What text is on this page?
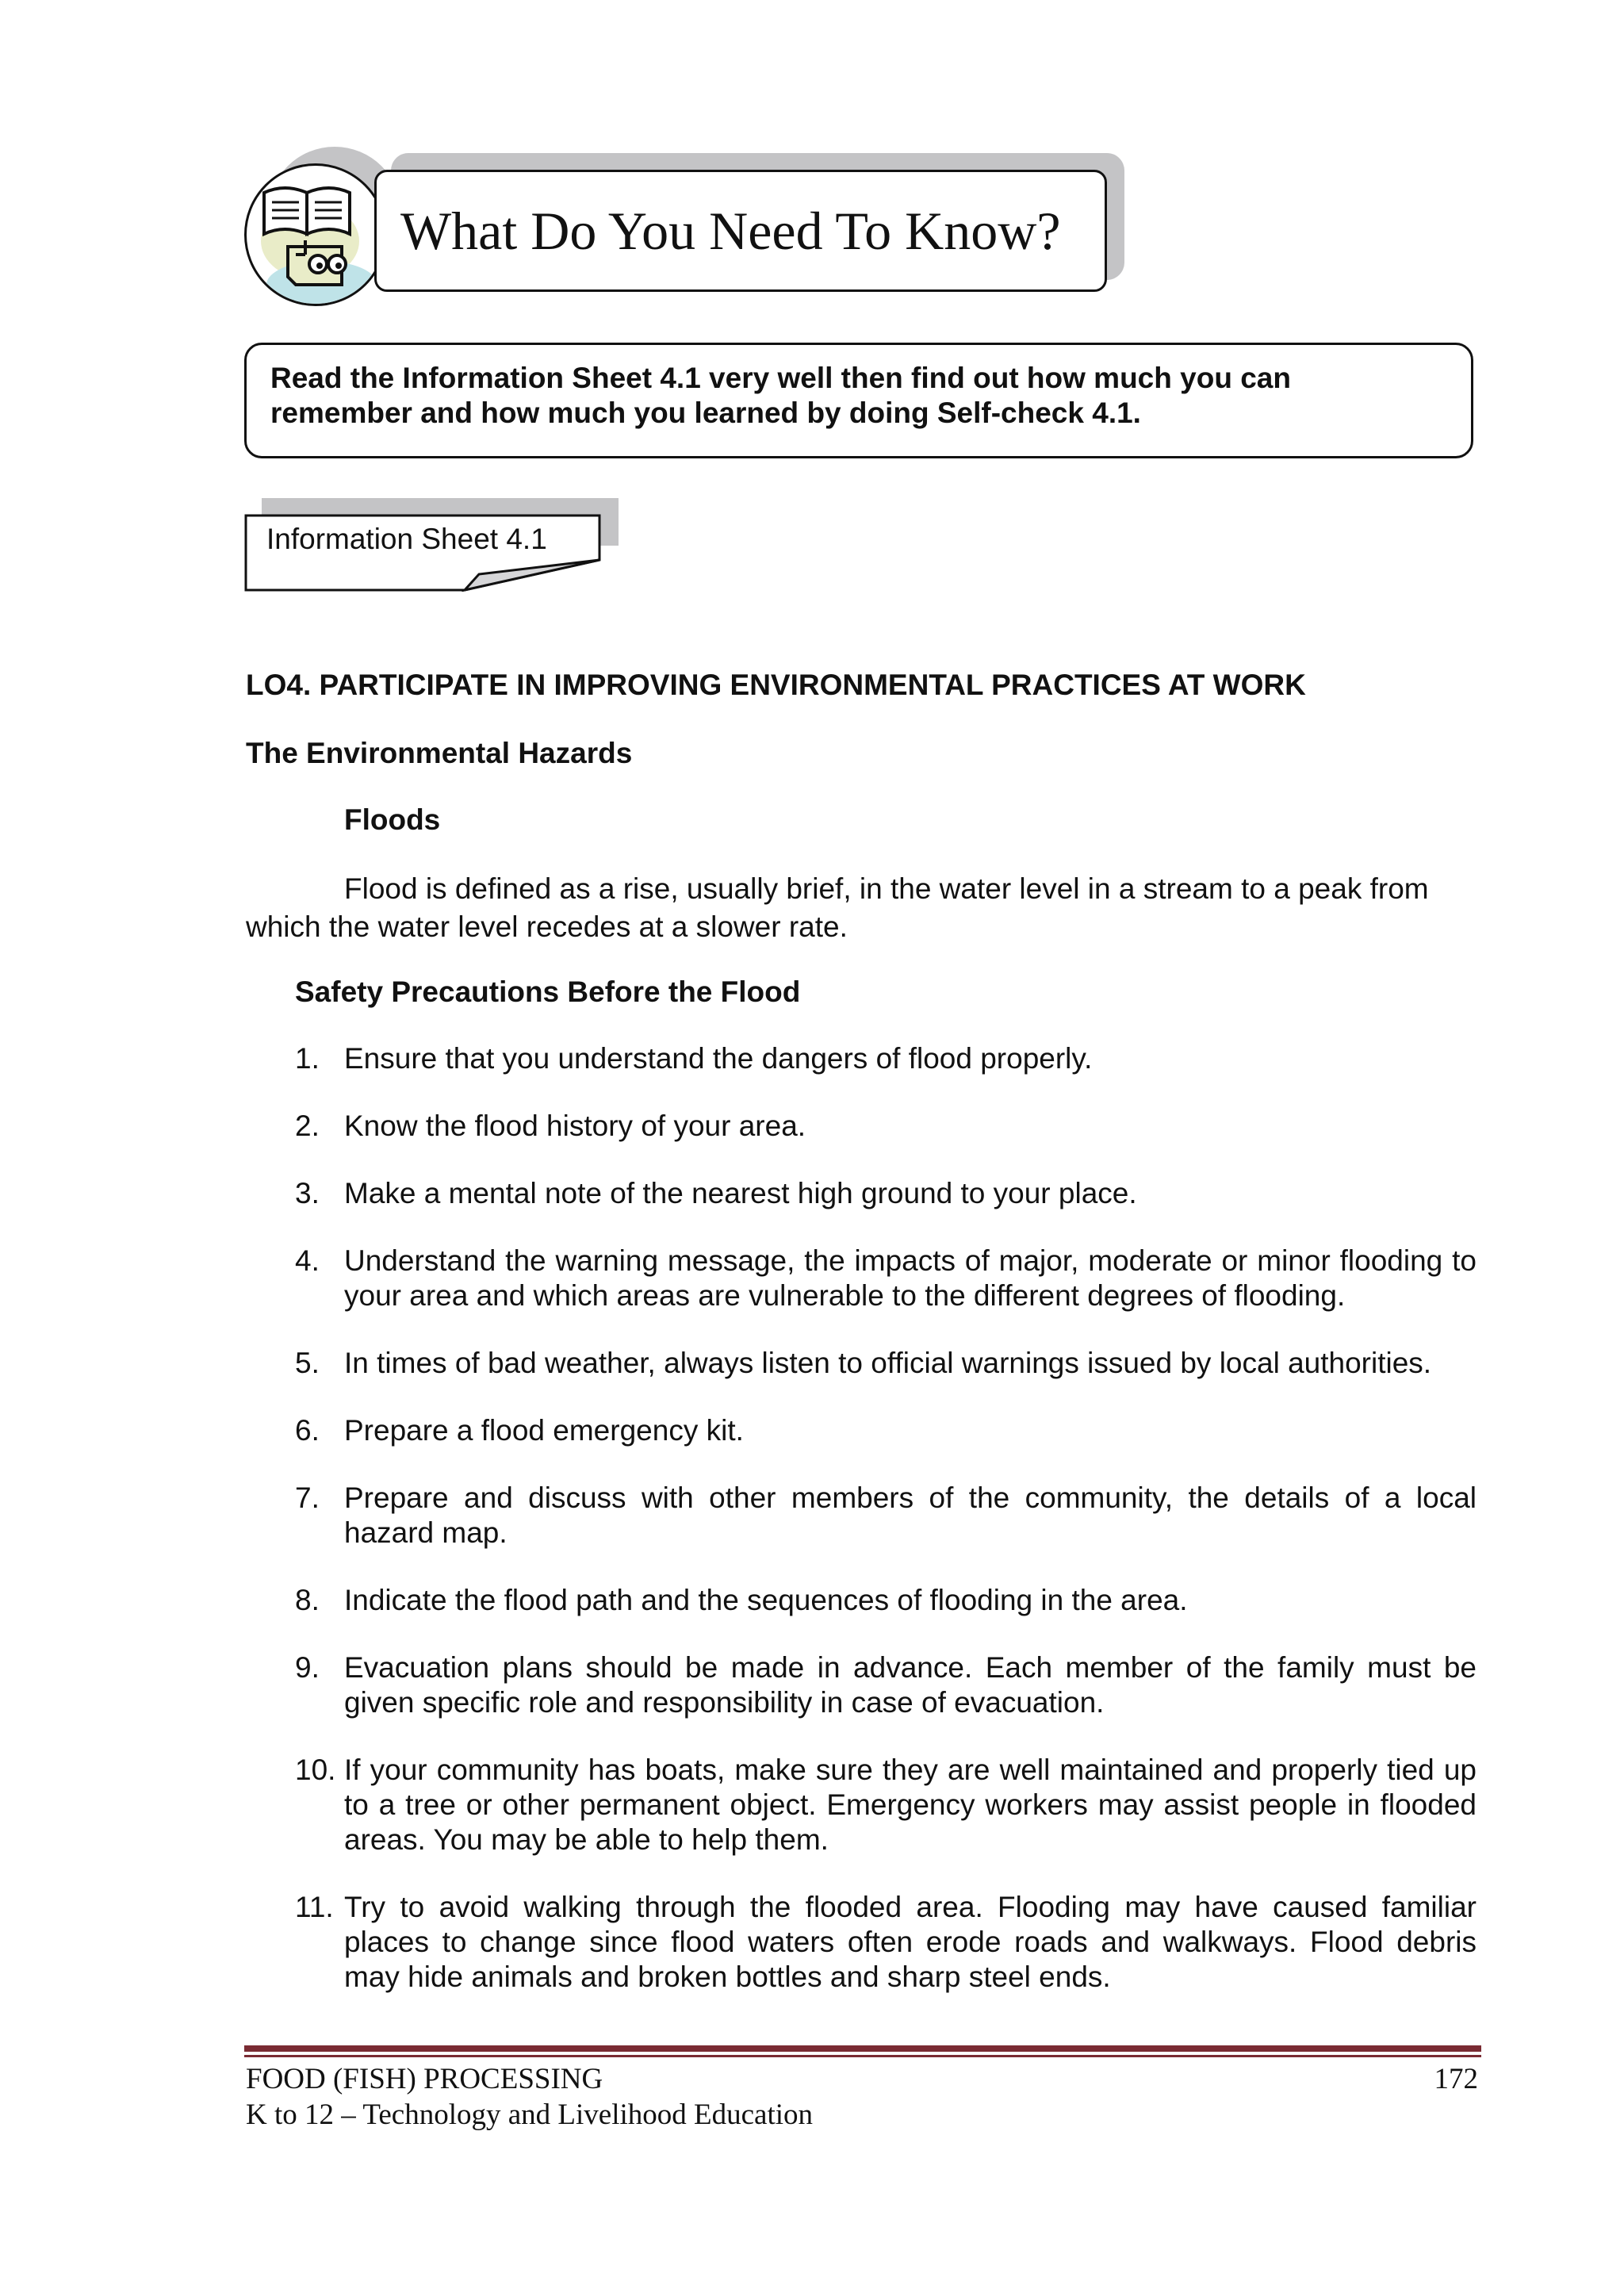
What Do You Need To Know?
Read the Information Sheet 4.1 very well then find out how much you can
remember and how much you learned by doing Self-check 4.1.
Information Sheet 4.1
LO4. PARTICIPATE IN IMPROVING ENVIRONMENTAL PRACTICES AT WORK
The Environmental Hazards
Floods

Flood is defined as a rise, usually brief, in the water level in a stream to a peak from which the water level recedes at a slower rate.

Safety Precautions Before the Flood
1. Ensure that you understand the dangers of flood properly.
2. Know the flood history of your area.
3. Make a mental note of the nearest high ground to your place.
4. Understand the warning message, the impacts of major, moderate or minor flooding to your area and which areas are vulnerable to the different degrees of flooding.
5. In times of bad weather, always listen to official warnings issued by local authorities.
6. Prepare a flood emergency kit.
7. Prepare and discuss with other members of the community, the details of a local hazard map.
8. Indicate the flood path and the sequences of flooding in the area.
9. Evacuation plans should be made in advance. Each member of the family must be given specific role and responsibility in case of evacuation.
10. If your community has boats, make sure they are well maintained and properly tied up to a tree or other permanent object. Emergency workers may assist people in flooded areas. You may be able to help them.
11. Try to avoid walking through the flooded area. Flooding may have caused familiar places to change since flood waters often erode roads and walkways. Flood debris may hide animals and broken bottles and sharp steel ends.
FOOD (FISH) PROCESSING
K to 12 – Technology and Livelihood Education
172
